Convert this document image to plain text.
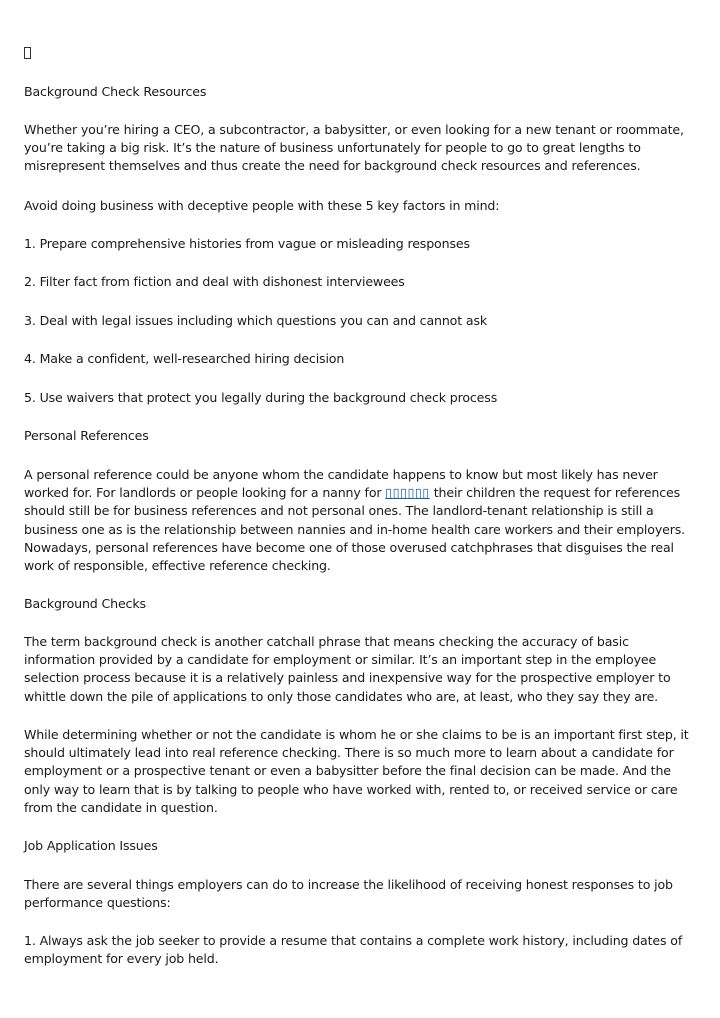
Background Check Resources

Whether you’re hiring a CEO, a subcontractor, a babysitter, or even looking for a new tenant or roommate, you’re taking a big risk. It’s the nature of business unfortunately for people to go to great lengths to misrepresent themselves and thus create the need for background check resources and references.

Avoid doing business with deceptive people with these 5 key factors in mind:

1. Prepare comprehensive histories from vague or misleading responses

2. Filter fact from fiction and deal with dishonest interviewees

3. Deal with legal issues including which questions you can and cannot ask

4. Make a confident, well-researched hiring decision

5. Use waivers that protect you legally during the background check process

Personal References

A personal reference could be anyone whom the candidate happens to know but most likely has never worked for. For landlords or people looking for a nanny for ▯▯▯▯▯▯ their children the request for references should still be for business references and not personal ones. The landlord-tenant relationship is still a business one as is the relationship between nannies and in-home health care workers and their employers. Nowadays, personal references have become one of those overused catchphrases that disguises the real work of responsible, effective reference checking.

Background Checks

The term background check is another catchall phrase that means checking the accuracy of basic information provided by a candidate for employment or similar. It’s an important step in the employee selection process because it is a relatively painless and inexpensive way for the prospective employer to whittle down the pile of applications to only those candidates who are, at least, who they say they are.

While determining whether or not the candidate is whom he or she claims to be is an important first step, it should ultimately lead into real reference checking. There is so much more to learn about a candidate for employment or a prospective tenant or even a babysitter before the final decision can be made. And the only way to learn that is by talking to people who have worked with, rented to, or received service or care from the candidate in question.

Job Application Issues

There are several things employers can do to increase the likelihood of receiving honest responses to job performance questions:

1. Always ask the job seeker to provide a resume that contains a complete work history, including dates of employment for every job held.
